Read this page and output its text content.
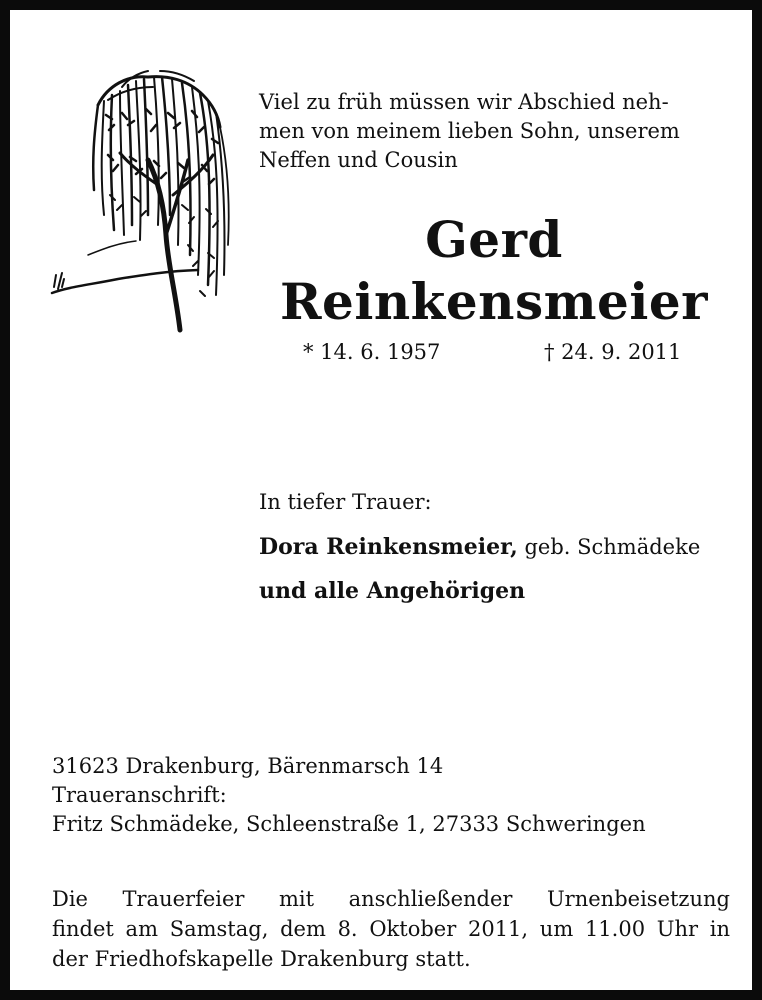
Viel zu früh müssen wir Abschied neh-
men von meinem lieben Sohn, unserem
Neffen und Cousin
Gerd
Reinkensmeier
* 14. 6. 1957	† 24. 9. 2011
In tiefer Trauer:
Dora Reinkensmeier, geb. Schmädeke
und alle Angehörigen
31623 Drakenburg, Bärenmarsch 14
Traueranschrift:
Fritz Schmädeke, Schleenstraße 1, 27333 Schweringen
Die Trauerfeier mit anschließender Urnenbeisetzung
findet am Samstag, dem 8. Oktober 2011, um 11.00 Uhr in
der Friedhofskapelle Drakenburg statt.
